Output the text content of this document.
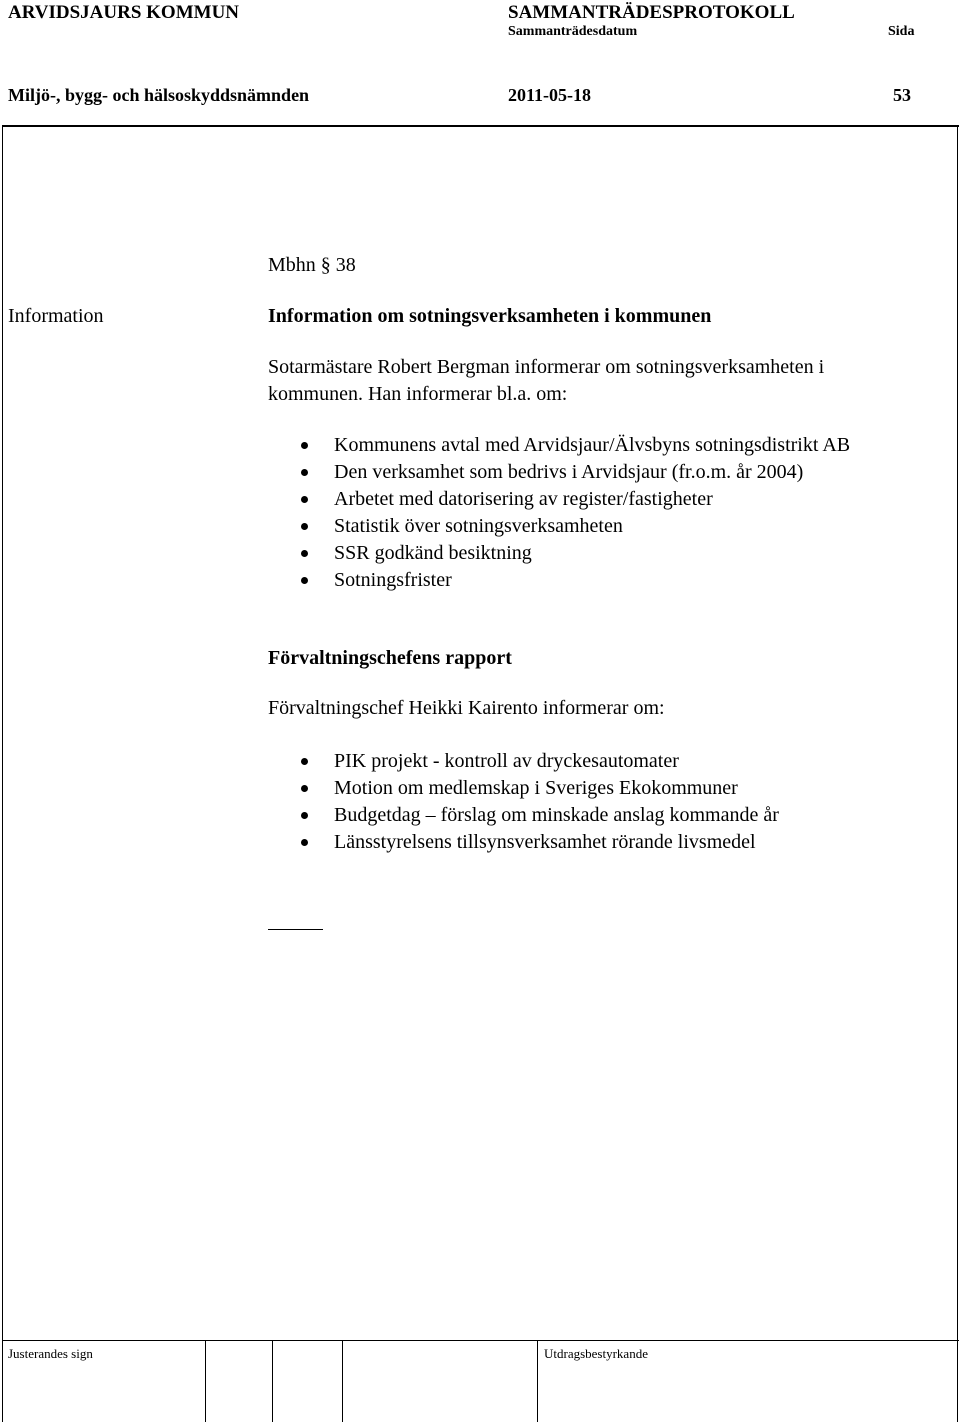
ARVIDSJAURS KOMMUN	SAMMANTRÄDESPROTOKOLL
Sammanträdesdatum	Sida
Miljö-, bygg- och hälsoskyddsnämnden	2011-05-18	53
Mbhn § 38
Information	Information om sotningsverksamheten i kommunen
Sotarmästare Robert Bergman informerar om sotningsverksamheten i
kommunen. Han informerar bl.a. om:
Kommunens avtal med Arvidsjaur/Älvsbyns sotningsdistrikt AB
Den verksamhet som bedrivs i Arvidsjaur (fr.o.m. år 2004)
Arbetet med datorisering av register/fastigheter
Statistik över sotningsverksamheten
SSR godkänd besiktning
Sotningsfrister
Förvaltningschefens rapport
Förvaltningschef Heikki Kairento informerar om:
PIK projekt - kontroll av dryckesautomater
Motion om medlemskap i Sveriges Ekokommuner
Budgetdag – förslag om minskade anslag kommande år
Länsstyrelsens tillsynsverksamhet rörande livsmedel
Justerandes sign	Utdragsbestyrkande
